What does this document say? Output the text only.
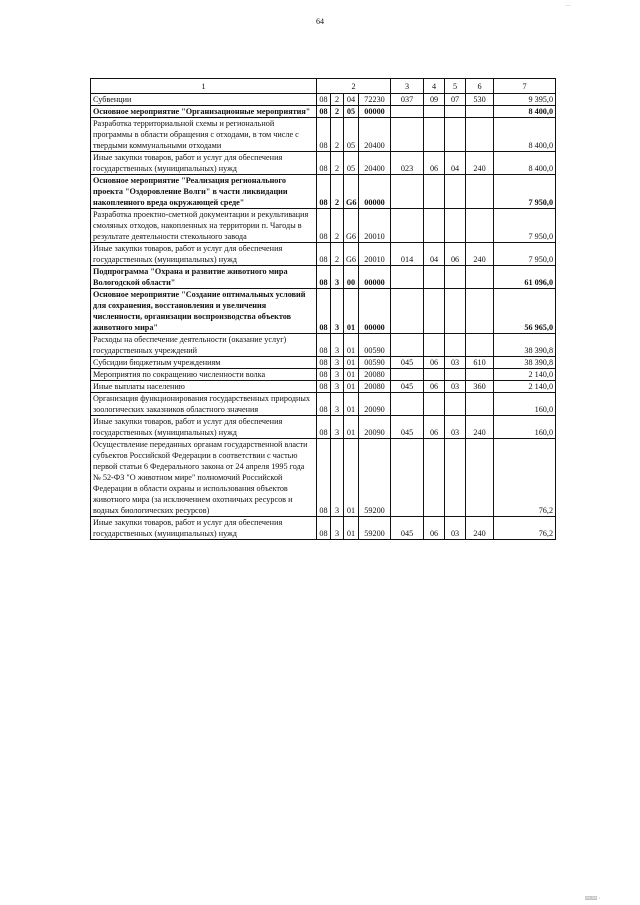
64
…
ШШ ·
1	2				3	4	5	6	7
Субвенции	08	2	04	72230	037	09	07	530	9 395,0
Основное мероприятие "Организационные мероприятия"	08	2	05	00000					8 400,0
Разработка территориальной схемы и региональной программы в области обращения с отходами, в том числе с твердыми коммунальными отходами	08	2	05	20400					8 400,0
Иные закупки товаров, работ и услуг для обеспечения государственных (муниципальных) нужд	08	2	05	20400	023	06	04	240	8 400,0
Основное мероприятие "Реализация регионального проекта "Оздоровление Волги" в части ликвидации накопленного вреда окружающей среде"	08	2	G6	00000					7 950,0
Разработка проектно-сметной документации и рекультивация смоляных отходов, накопленных на территории п. Чагоды в результате деятельности стекольного завода	08	2	G6	20010					7 950,0
Иные закупки товаров, работ и услуг для обеспечения государственных (муниципальных) нужд	08	2	G6	20010	014	04	06	240	7 950,0
Подпрограмма "Охрана и развитие животного мира Вологодской области"	08	3	00	00000					61 096,0
Основное мероприятие "Создание оптимальных условий для сохранения, восстановления и увеличения численности, организации воспроизводства объектов животного мира"	08	3	01	00000					56 965,0
Расходы на обеспечение деятельности (оказание услуг) государственных учреждений	08	3	01	00590					38 390,8
Субсидии бюджетным учреждениям	08	3	01	00590	045	06	03	610	38 390,8
Мероприятия по сокращению численности волка	08	3	01	20080					2 140,0
Иные выплаты населению	08	3	01	20080	045	06	03	360	2 140,0
Организация функционирования государственных природных зоологических заказников областного значения	08	3	01	20090					160,0
Иные закупки товаров, работ и услуг для обеспечения государственных (муниципальных) нужд	08	3	01	20090	045	06	03	240	160,0
Осуществление переданных органам государственной власти субъектов Российской Федерации в соответствии с частью первой статьи 6 Федерального закона от 24 апреля 1995 года № 52-ФЗ "О животном мире" полномочий Российской Федерации в области охраны и использования объектов животного мира (за исключением охотничьих ресурсов и водных биологических ресурсов)	08	3	01	59200					76,2
Иные закупки товаров, работ и услуг для обеспечения государственных (муниципальных) нужд	08	3	01	59200	045	06	03	240	76,2
